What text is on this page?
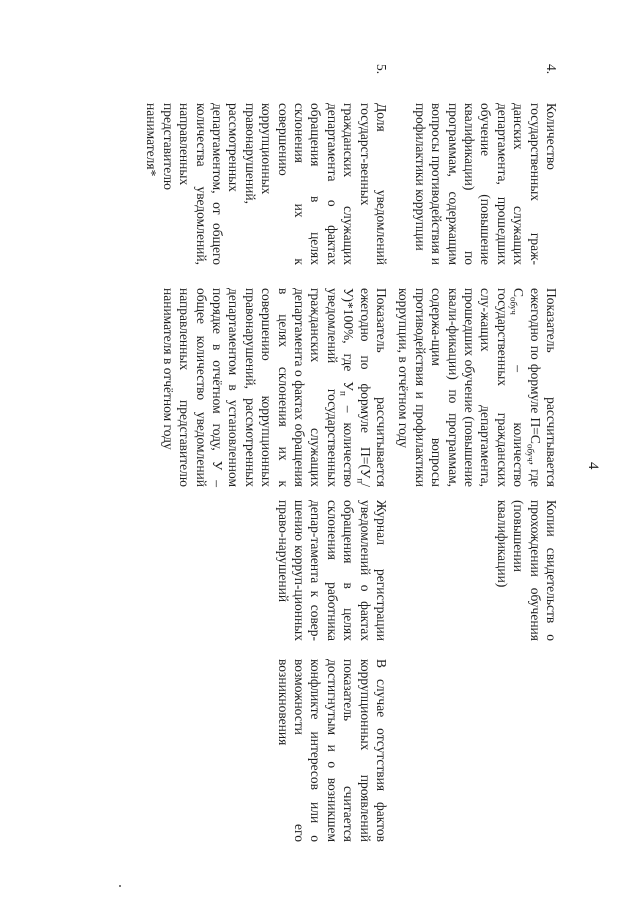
4
4.
Количество государственных граж-данских служащих департамента, прошедших обучение (повышение квалификации) по программам, содержащим вопросы противодействия и профилактики коррупции
Показатель рассчитывается ежегодно по формуле $П=С_{обуч}$, где $С_{обуч}$ – количество государственных гражданских слу-жащих департамента, прошедших обучение (повышение квали-фикации) по программам, содержа-щим вопросы противодействия и профилактики коррупции, в отчётном году
Копии свидетельств о прохождении обучения (повышении квалификации)
5.
Доля уведомлений государст-венных гражданских служащих департамента о фактах обращения в целях склонения их к совершению коррупционных правонарушений, рассмотренных департаментом, от общего количества уведомлений, направленных представителю нанимателя*
Показатель рассчитывается ежегодно по формуле $П=(У_п/У)*100\%$, где $У_п$ – количество уведомлений государственных гражданских служащих департамента о фактах обращения в целях склонения их к совершению коррупционных правонарушений, рассмотренных департаментом в установленном порядке в отчётном году, У – общее количество уведомлений направленных представителю нанимателя в отчётном году
Журнал регистрации уведомлений о фактах обращения в целях склонения работника депар-тамента к совер-шению корруп-ционных право-нарушений
В случае отсутствия фактов коррупционных проявлений показатель считается достигнутым и о возникшем конфликте интересов или о возможности его возникновения
